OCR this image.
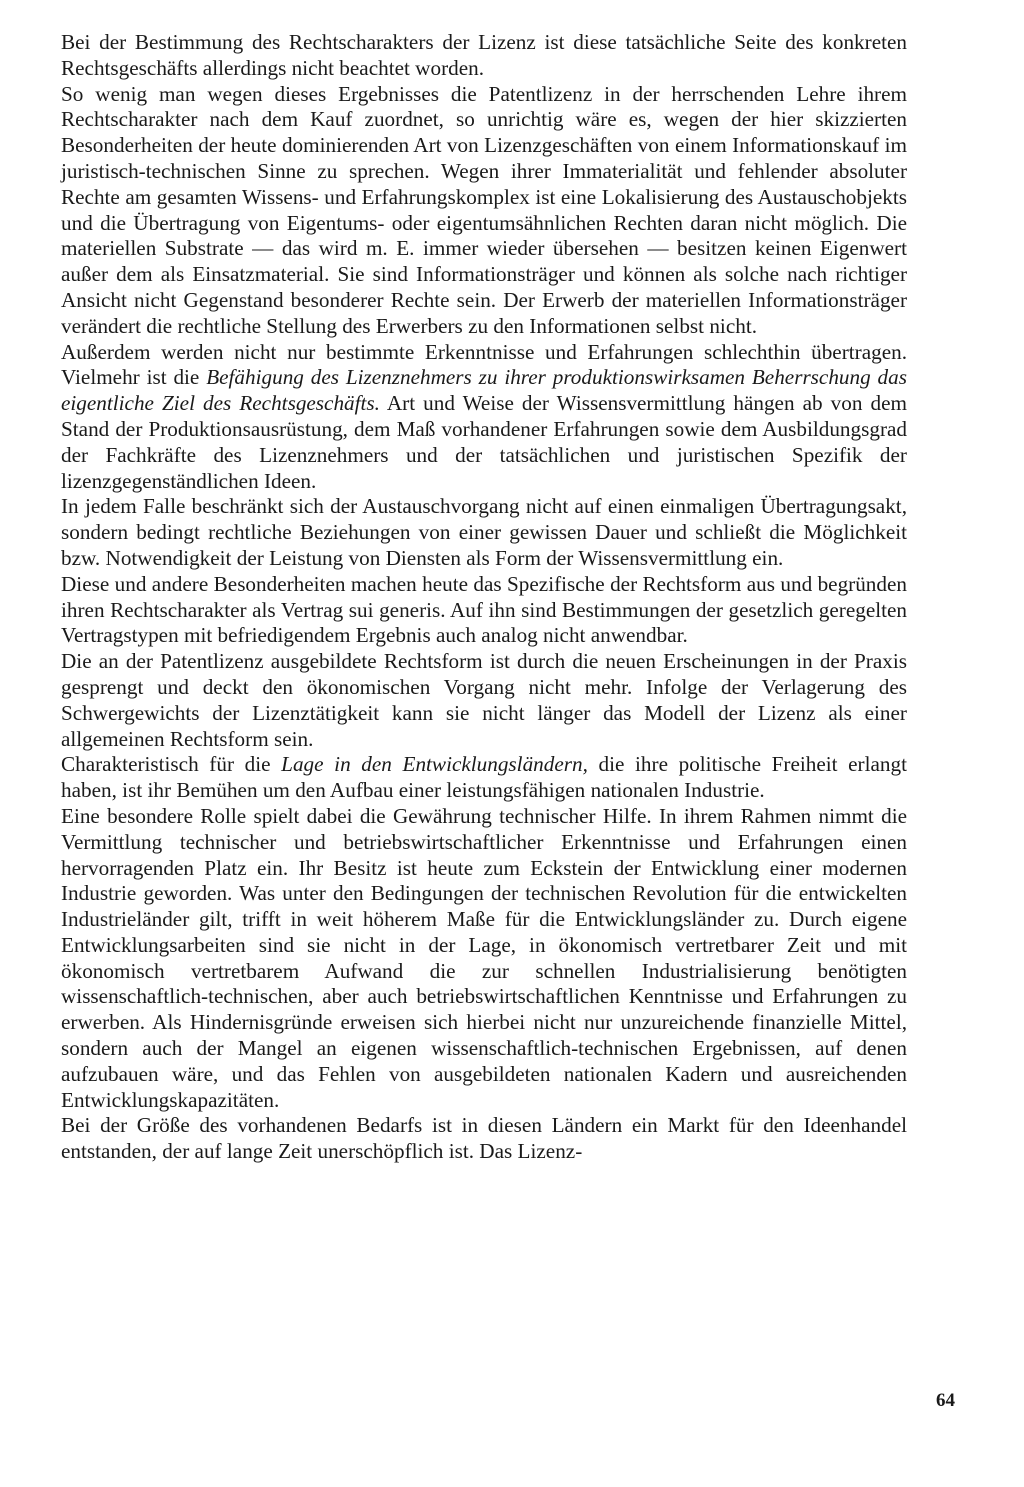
Bei der Bestimmung des Rechtscharakters der Lizenz ist diese tatsächliche Seite des konkreten Rechtsgeschäfts allerdings nicht beachtet worden.

So wenig man wegen dieses Ergebnisses die Patentlizenz in der herrschenden Lehre ihrem Rechtscharakter nach dem Kauf zuordnet, so unrichtig wäre es, wegen der hier skizzierten Besonderheiten der heute dominierenden Art von Lizenzgeschäften von einem Informationskauf im juristisch-technischen Sinne zu sprechen. Wegen ihrer Immaterialität und fehlender absoluter Rechte am gesamten Wissens- und Erfahrungskomplex ist eine Lokalisierung des Austauschobjekts und die Übertragung von Eigentums- oder eigentumsähnlichen Rechten daran nicht möglich. Die materiellen Substrate — das wird m. E. immer wieder übersehen — besitzen keinen Eigenwert außer dem als Einsatzmaterial. Sie sind Informationsträger und können als solche nach richtiger Ansicht nicht Gegenstand besonderer Rechte sein. Der Erwerb der materiellen Informationsträger verändert die rechtliche Stellung des Erwerbers zu den Informationen selbst nicht.

Außerdem werden nicht nur bestimmte Erkenntnisse und Erfahrungen schlechthin übertragen. Vielmehr ist die Befähigung des Lizenznehmers zu ihrer produktionswirksamen Beherrschung das eigentliche Ziel des Rechtsgeschäfts. Art und Weise der Wissensvermittlung hängen ab von dem Stand der Produktionsausrüstung, dem Maß vorhandener Erfahrungen sowie dem Ausbildungsgrad der Fachkräfte des Lizenznehmers und der tatsächlichen und juristischen Spezifik der lizenzgegenständlichen Ideen.

In jedem Falle beschränkt sich der Austauschvorgang nicht auf einen einmaligen Übertragungsakt, sondern bedingt rechtliche Beziehungen von einer gewissen Dauer und schließt die Möglichkeit bzw. Notwendigkeit der Leistung von Diensten als Form der Wissensvermittlung ein.

Diese und andere Besonderheiten machen heute das Spezifische der Rechtsform aus und begründen ihren Rechtscharakter als Vertrag sui generis. Auf ihn sind Bestimmungen der gesetzlich geregelten Vertragstypen mit befriedigendem Ergebnis auch analog nicht anwendbar.

Die an der Patentlizenz ausgebildete Rechtsform ist durch die neuen Erscheinungen in der Praxis gesprengt und deckt den ökonomischen Vorgang nicht mehr. Infolge der Verlagerung des Schwergewichts der Lizenztätigkeit kann sie nicht länger das Modell der Lizenz als einer allgemeinen Rechtsform sein.

Charakteristisch für die Lage in den Entwicklungsländern, die ihre politische Freiheit erlangt haben, ist ihr Bemühen um den Aufbau einer leistungsfähigen nationalen Industrie.

Eine besondere Rolle spielt dabei die Gewährung technischer Hilfe. In ihrem Rahmen nimmt die Vermittlung technischer und betriebswirtschaftlicher Erkenntnisse und Erfahrungen einen hervorragenden Platz ein. Ihr Besitz ist heute zum Eckstein der Entwicklung einer modernen Industrie geworden. Was unter den Bedingungen der technischen Revolution für die entwickelten Industrieländer gilt, trifft in weit höherem Maße für die Entwicklungsländer zu. Durch eigene Entwicklungsarbeiten sind sie nicht in der Lage, in ökonomisch vertretbarer Zeit und mit ökonomisch vertretbarem Aufwand die zur schnellen Industrialisierung benötigten wissenschaftlich-technischen, aber auch betriebswirtschaftlichen Kenntnisse und Erfahrungen zu erwerben. Als Hindernisgründe erweisen sich hierbei nicht nur unzureichende finanzielle Mittel, sondern auch der Mangel an eigenen wissenschaftlich-technischen Ergebnissen, auf denen aufzubauen wäre, und das Fehlen von ausgebildeten nationalen Kadern und ausreichenden Entwicklungskapazitäten.

Bei der Größe des vorhandenen Bedarfs ist in diesen Ländern ein Markt für den Ideenhandel entstanden, der auf lange Zeit unerschöpflich ist. Das Lizenz-

64
